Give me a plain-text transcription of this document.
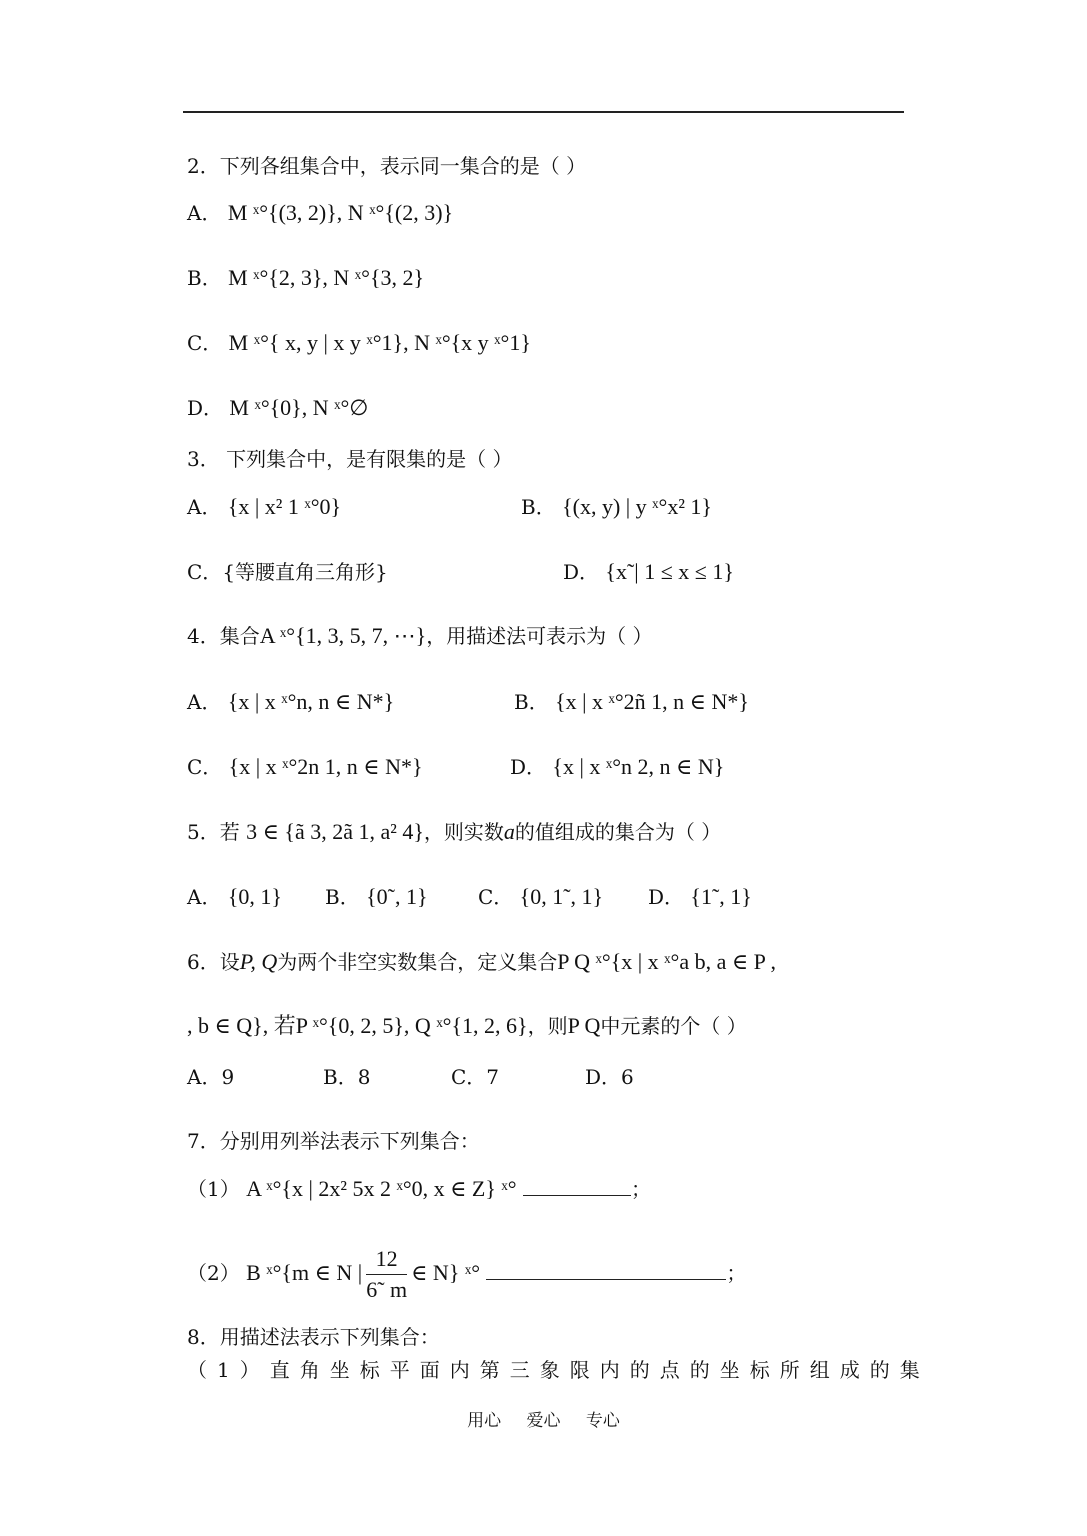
2．下列各组集合中，表示同一集合的是（ ）
A． M ˣ°{(3, 2)}, N ˣ°{(2, 3)}
B． M ˣ°{2, 3}, N ˣ°{3, 2}
C． M ˣ°{ x, y | x y ˣ°1}, N ˣ°{x y ˣ°1}
D． M ˣ°{0}, N ˣ°∅
3． 下列集合中，是有限集的是（ ）
A． {x | x² 1 ˣ°0}	B． {(x, y) | y ˣ°x² 1}
C．{等腰直角三角形}	D． {x˜| 1 ≤ x ≤ 1}
4．集合A ˣ°{1, 3, 5, 7, ⋯}，用描述法可表示为（ ）
A． {x | x ˣ°n, n ∈ N*}	B． {x | x ˣ°2ñ 1, n ∈ N*}
C． {x | x ˣ°2n 1, n ∈ N*}	D． {x | x ˣ°n 2, n ∈ N}
5．若 3 ∈ {ã 3, 2ã 1, a² 4}，则实数a的值组成的集合为（ ）
A． {0, 1} B． {0˜, 1}	C． {0, 1˜, 1} D． {1˜, 1}
6．设P, Q为两个非空实数集合，定义集合P Q ˣ°{x | x ˣ°a b, a ∈ P ,
, b ∈ Q}, 若P ˣ°{0, 2, 5}, Q ˣ°{1, 2, 6}，则P Q中元素的个（ ）
A．9	B．8	C．7	D．6
7．分别用列举法表示下列集合：
（1） A ˣ°{x | 2x² 5x 2 ˣ°0, x ∈ Z} ˣ°	；
（2） B ˣ°{m ∈ N | $\frac{12}{6˜ m}$ ∈ N} ˣ°	；
8．用描述法表示下列集合：
（1）直角坐标平面内第三象限内的点的坐标所组成的集
用心 爱心 专心
